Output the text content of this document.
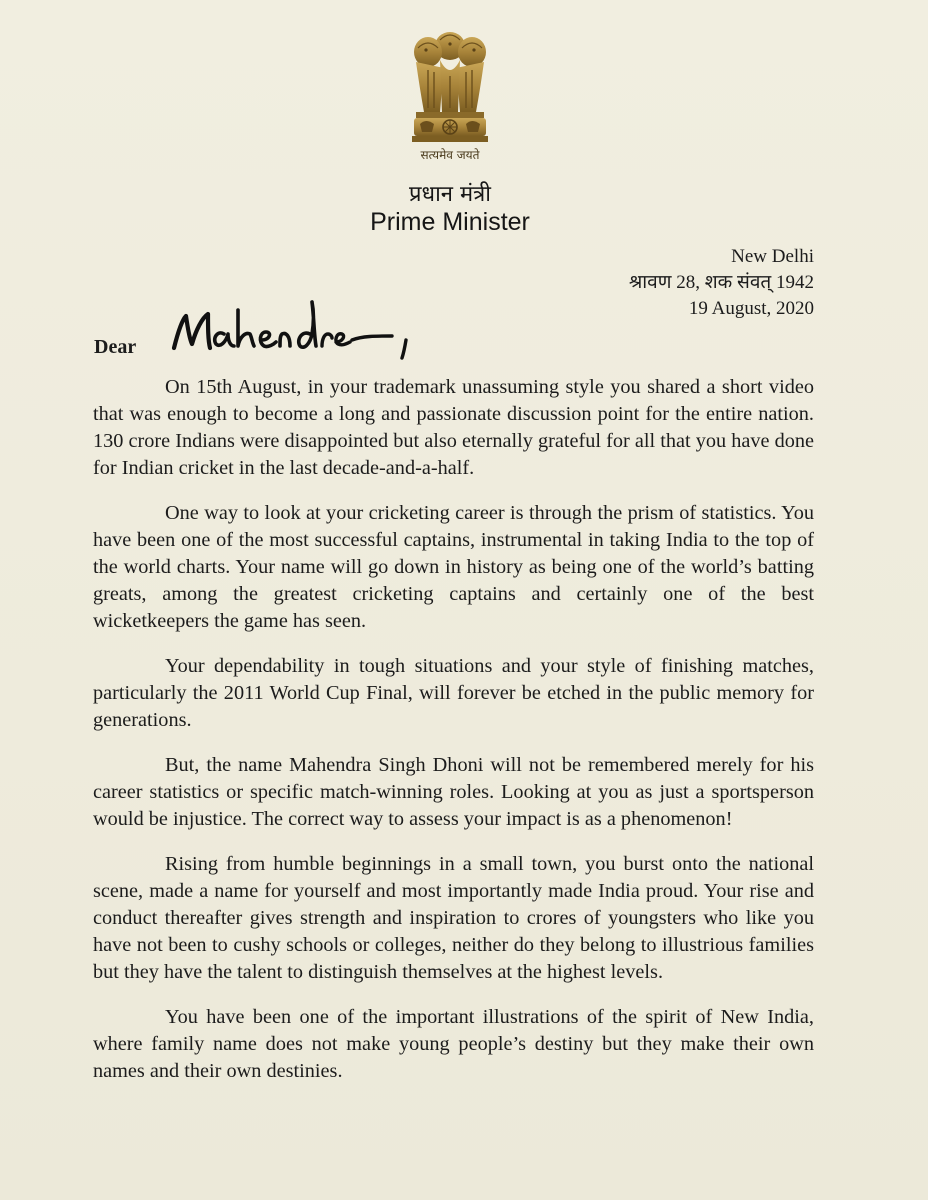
सत्यमेव जयते
प्रधान मंत्री
Prime Minister
New Delhi
श्रावण 28, शक संवत् 1942
19 August, 2020
Dear

On 15th August, in your trademark unassuming style you shared a short video that was enough to become a long and passionate discussion point for the entire nation. 130 crore Indians were disappointed but also eternally grateful for all that you have done for Indian cricket in the last decade-and-a-half.

One way to look at your cricketing career is through the prism of statistics. You have been one of the most successful captains, instrumental in taking India to the top of the world charts. Your name will go down in history as being one of the world’s batting greats, among the greatest cricketing captains and certainly one of the best wicketkeepers the game has seen.

Your dependability in tough situations and your style of finishing matches, particularly the 2011 World Cup Final, will forever be etched in the public memory for generations.

But, the name Mahendra Singh Dhoni will not be remembered merely for his career statistics or specific match-winning roles. Looking at you as just a sportsperson would be injustice. The correct way to assess your impact is as a phenomenon!

Rising from humble beginnings in a small town, you burst onto the national scene, made a name for yourself and most importantly made India proud. Your rise and conduct thereafter gives strength and inspiration to crores of youngsters who like you have not been to cushy schools or colleges, neither do they belong to illustrious families but they have the talent to distinguish themselves at the highest levels.

You have been one of the important illustrations of the spirit of New India, where family name does not make young people’s destiny but they make their own names and their own destinies.
